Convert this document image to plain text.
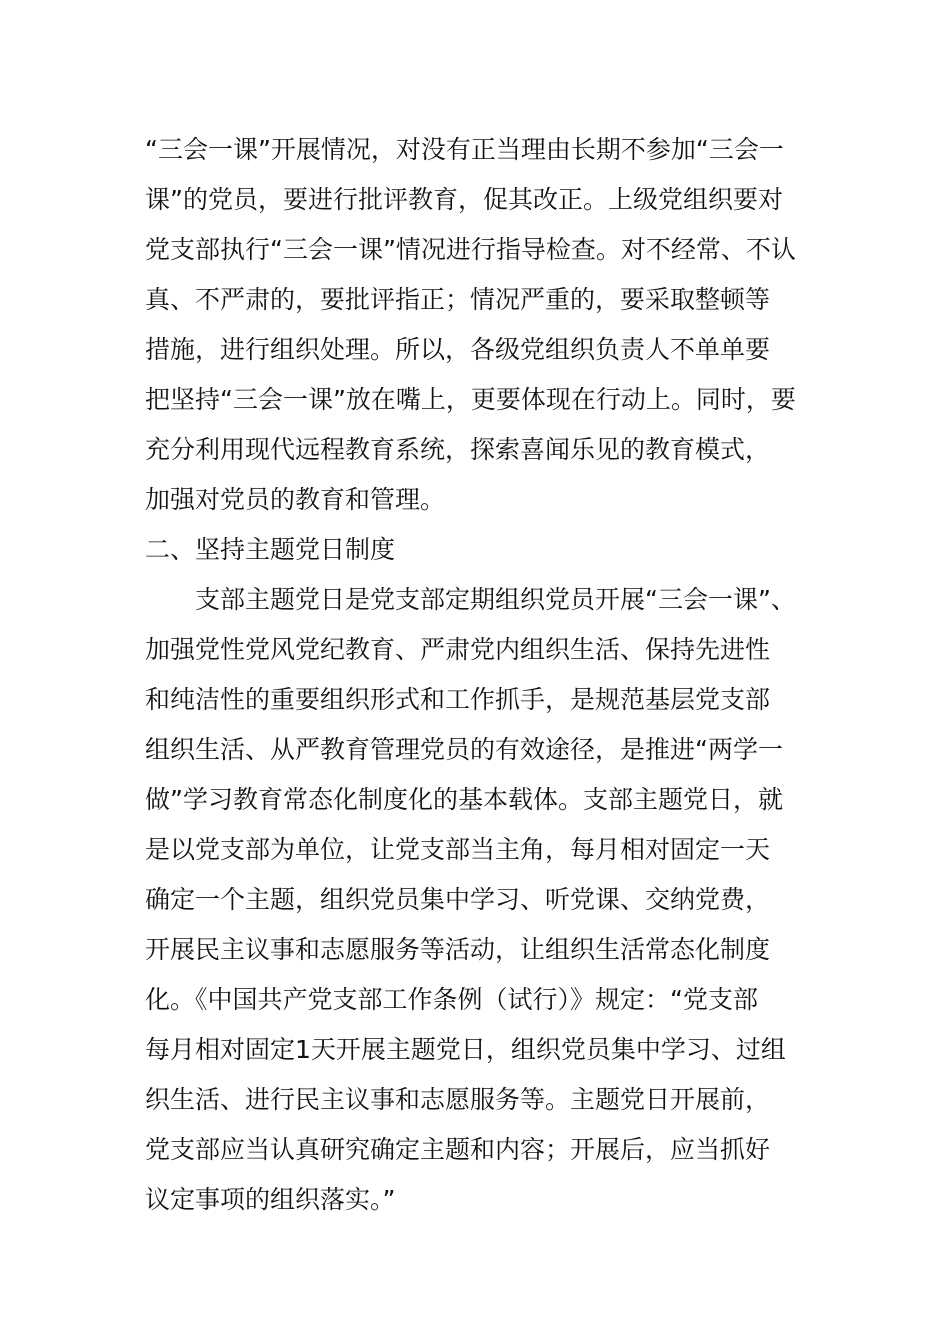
“三会一课”开展情况，对没有正当理由长期不参加“三会一
课”的党员，要进行批评教育，促其改正。上级党组织要对
党支部执行“三会一课”情况进行指导检查。对不经常、不认
真、不严肃的，要批评指正；情况严重的，要采取整顿等
措施，进行组织处理。所以，各级党组织负责人不单单要
把坚持“三会一课”放在嘴上，更要体现在行动上。同时，要
充分利用现代远程教育系统，探索喜闻乐见的教育模式，
加强对党员的教育和管理。
二、坚持主题党日制度
支部主题党日是党支部定期组织党员开展“三会一课”、
加强党性党风党纪教育、严肃党内组织生活、保持先进性
和纯洁性的重要组织形式和工作抓手，是规范基层党支部
组织生活、从严教育管理党员的有效途径，是推进“两学一
做”学习教育常态化制度化的基本载体。支部主题党日，就
是以党支部为单位，让党支部当主角，每月相对固定一天
确定一个主题，组织党员集中学习、听党课、交纳党费，
开展民主议事和志愿服务等活动，让组织生活常态化制度
化。《中国共产党支部工作条例（试行）》规定：“党支部
每月相对固定1天开展主题党日，组织党员集中学习、过组
织生活、进行民主议事和志愿服务等。主题党日开展前，
党支部应当认真研究确定主题和内容；开展后，应当抓好
议定事项的组织落实。”
